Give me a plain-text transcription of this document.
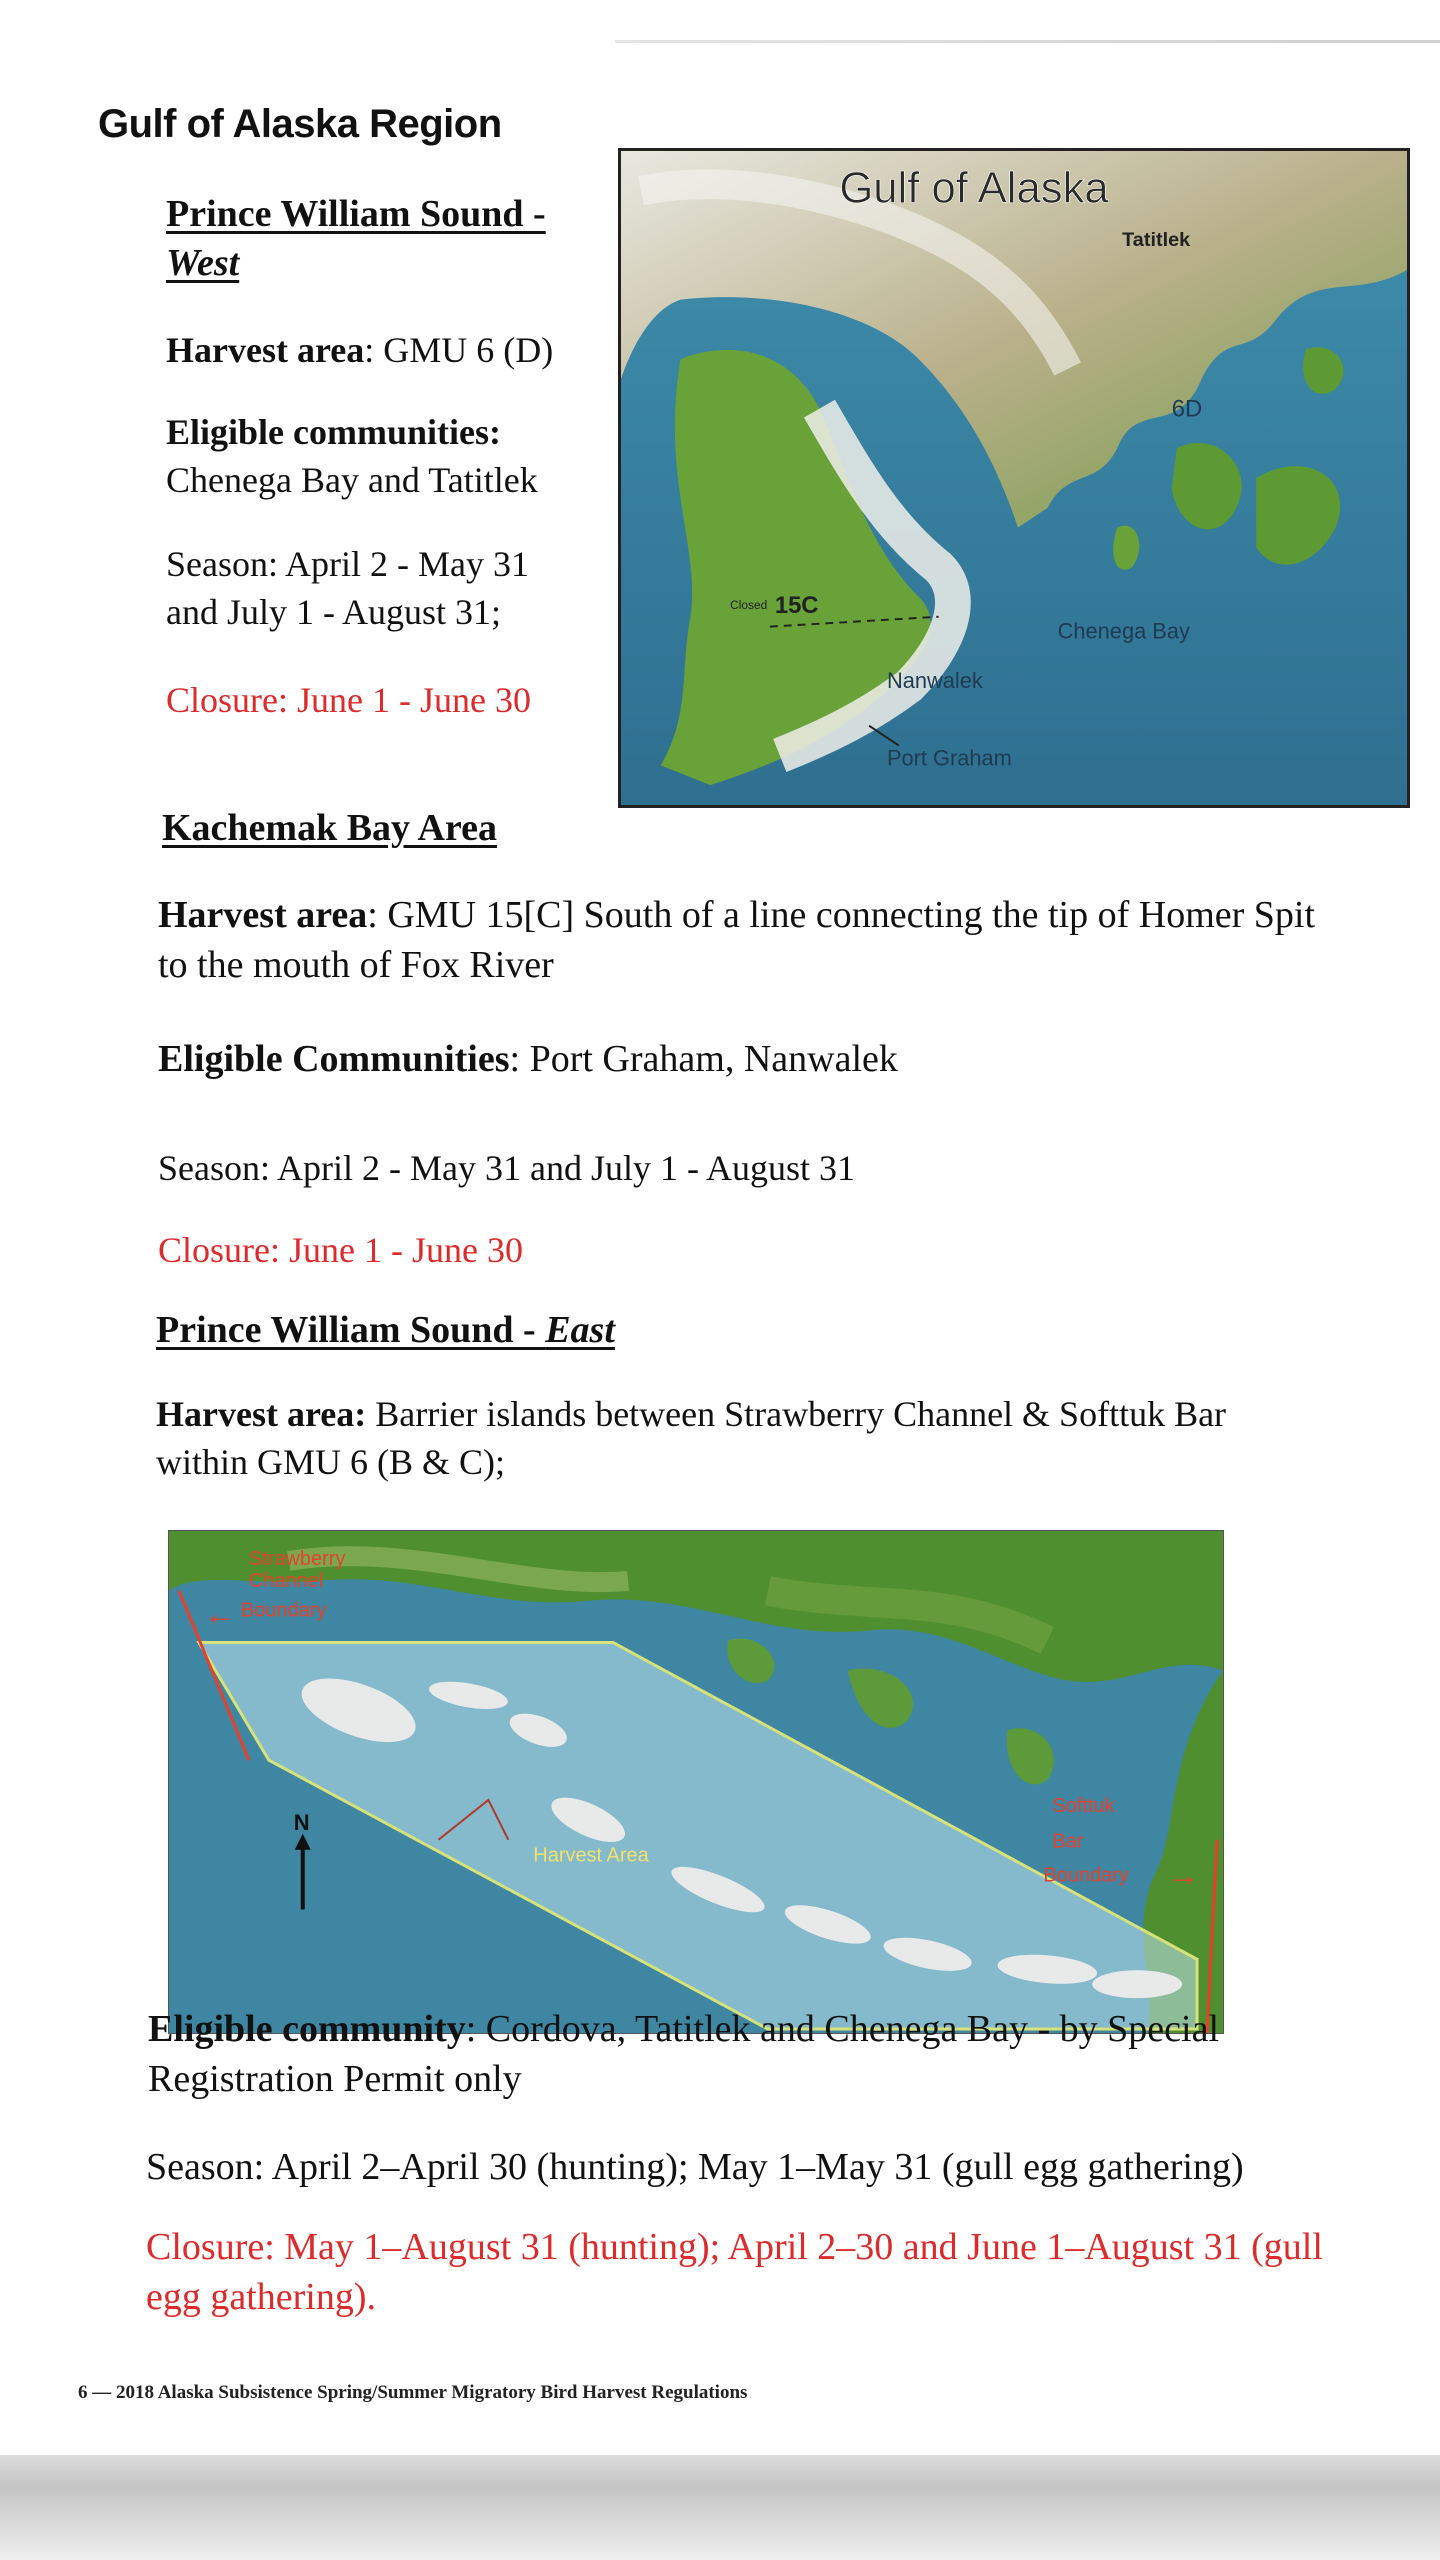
Gulf of Alaska Region
Prince William Sound -
West

Harvest area: GMU 6 (D)

Eligible communities:
Chenega Bay and Tatitlek

Season: April 2 - May 31
and July 1 - August 31;

Closure: June 1 - June 30

Gulf of Alaska
Tatitlek
6D
Closed 15C
Chenega Bay
Nanwalek
Port Graham
Kachemak Bay Area

Harvest area: GMU 15[C] South of a line connecting the tip of Homer Spit
to the mouth of Fox River

Eligible Communities: Port Graham, Nanwalek

Season: April 2 - May 31 and July 1 - August 31

Closure: June 1 - June 30

Prince William Sound - East

Harvest area: Barrier islands between Strawberry Channel & Softtuk Bar
within GMU 6 (B & C);

Strawberry Channel Boundary
←
Softtuk Bar Boundary →
Harvest Area
N

Eligible community: Cordova, Tatitlek and Chenega Bay - by Special
Registration Permit only

Season: April 2–April 30 (hunting); May 1–May 31 (gull egg gathering)

Closure: May 1–August 31 (hunting); April 2–30 and June 1–August 31 (gull
egg gathering).

6 — 2018 Alaska Subsistence Spring/Summer Migratory Bird Harvest Regulations
